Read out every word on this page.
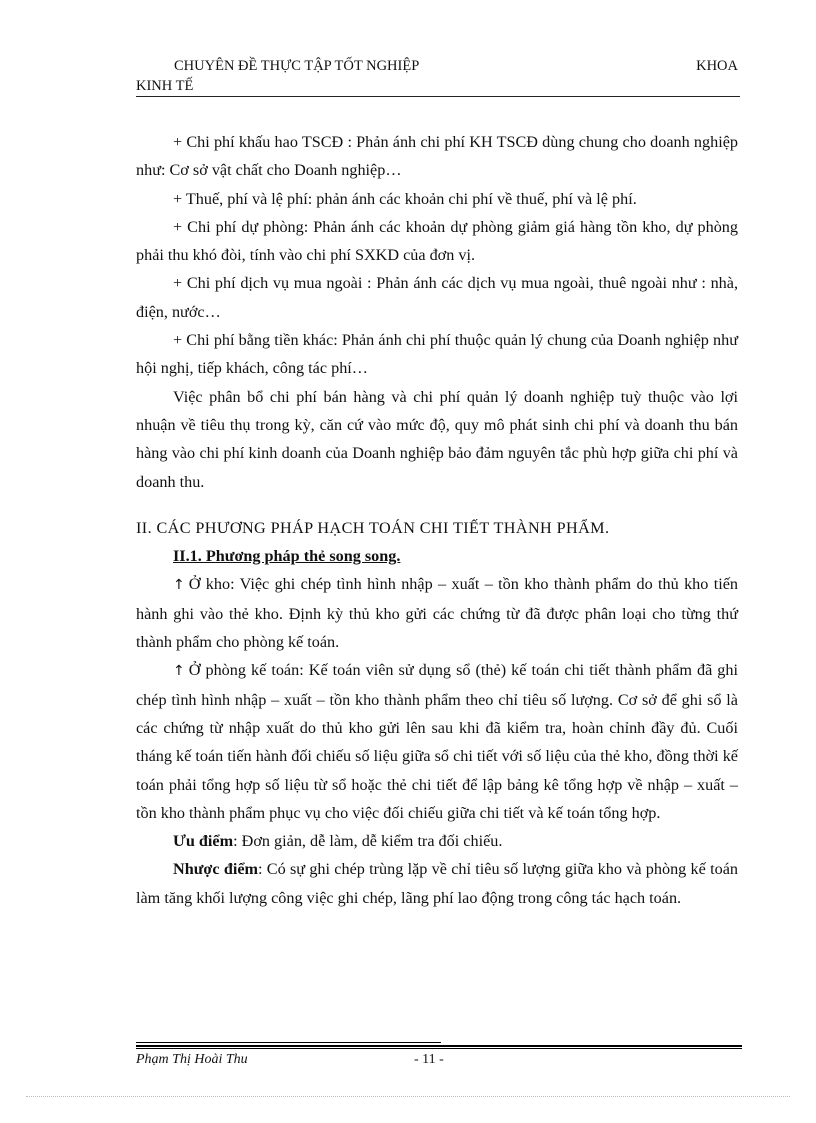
CHUYÊN ĐỀ THỰC TẬP TỐT NGHIỆP	KHOA
KINH TẾ

+ Chi phí khấu hao TSCĐ : Phản ánh chi phí KH TSCĐ dùng chung cho doanh nghiệp như: Cơ sở vật chất cho Doanh nghiệp…

+ Thuế, phí và lệ phí: phản ánh các khoản chi phí về thuế, phí và lệ phí.

+ Chi phí dự phòng: Phản ánh các khoản dự phòng giảm giá hàng tồn kho, dự phòng phải thu khó đòi, tính vào chi phí SXKD của đơn vị.

+ Chi phí dịch vụ mua ngoài : Phản ánh các dịch vụ mua ngoài, thuê ngoài như : nhà, điện, nước…

+ Chi phí bằng tiền khác: Phản ánh chi phí thuộc quản lý chung của Doanh nghiệp như hội nghị, tiếp khách, công tác phí…

Việc phân bổ chi phí bán hàng và chi phí quản lý doanh nghiệp tuỳ thuộc vào lợi nhuận về tiêu thụ trong kỳ, căn cứ vào mức độ, quy mô phát sinh chi phí và doanh thu bán hàng vào chi phí kinh doanh của Doanh nghiệp bảo đảm nguyên tắc phù hợp giữa chi phí và doanh thu.

II. CÁC PHƯƠNG PHÁP HẠCH TOÁN CHI TIẾT THÀNH PHẨM.

II.1. Phương pháp thẻ song song.

↑ Ở kho: Việc ghi chép tình hình nhập – xuất – tồn kho thành phẩm do thủ kho tiến hành ghi vào thẻ kho. Định kỳ thủ kho gửi các chứng từ đã được phân loại cho từng thứ thành phẩm cho phòng kế toán.

↑ Ở phòng kế toán: Kế toán viên sử dụng sổ (thẻ) kế toán chi tiết thành phẩm đã ghi chép tình hình nhập – xuất – tồn kho thành phẩm theo chỉ tiêu số lượng. Cơ sở để ghi sổ là các chứng từ nhập xuất do thủ kho gửi lên sau khi đã kiểm tra, hoàn chỉnh đầy đủ. Cuối tháng kế toán tiến hành đối chiếu số liệu giữa sổ chi tiết với số liệu của thẻ kho, đồng thời kế toán phải tổng hợp số liệu từ sổ hoặc thẻ chi tiết để lập bảng kê tổng hợp về nhập – xuất – tồn kho thành phẩm phục vụ cho việc đối chiếu giữa chi tiết và kế toán tổng hợp.

Ưu điểm: Đơn giản, dễ làm, dễ kiểm tra đối chiếu.

Nhược điểm: Có sự ghi chép trùng lặp về chỉ tiêu số lượng giữa kho và phòng kế toán làm tăng khối lượng công việc ghi chép, lãng phí lao động trong công tác hạch toán.

Phạm Thị Hoài Thu	- 11 -
